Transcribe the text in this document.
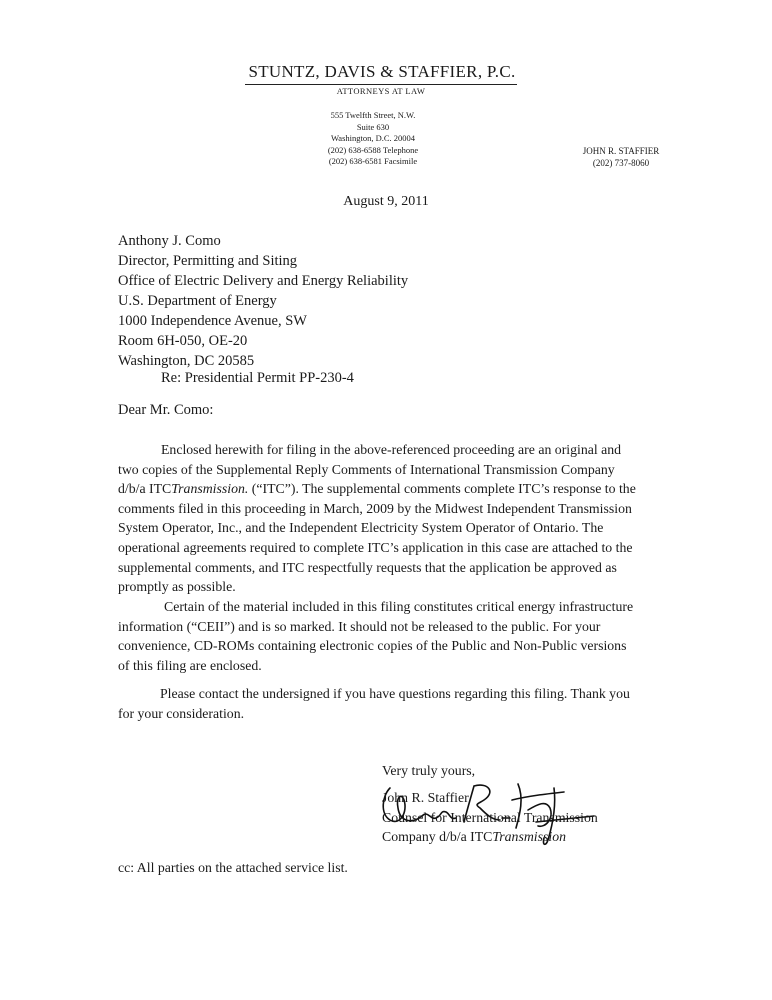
STUNTZ, DAVIS & STAFFIER, P.C.
ATTORNEYS AT LAW
555 Twelfth Street, N.W.
Suite 630
Washington, D.C. 20004
(202) 638-6588 Telephone
(202) 638-6581 Facsimile
JOHN R. STAFFIER
(202) 737-8060
August 9, 2011
Anthony J. Como
Director, Permitting and Siting
Office of Electric Delivery and Energy Reliability
U.S. Department of Energy
1000 Independence Avenue, SW
Room 6H-050, OE-20
Washington, DC 20585
Re: Presidential Permit PP-230-4
Dear Mr. Como:
Enclosed herewith for filing in the above-referenced proceeding are an original and two copies of the Supplemental Reply Comments of International Transmission Company d/b/a ITCTransmission. (“ITC”). The supplemental comments complete ITC’s response to the comments filed in this proceeding in March, 2009 by the Midwest Independent Transmission System Operator, Inc., and the Independent Electricity System Operator of Ontario. The operational agreements required to complete ITC’s application in this case are attached to the supplemental comments, and ITC respectfully requests that the application be approved as promptly as possible.
Certain of the material included in this filing constitutes critical energy infrastructure information (“CEII”) and is so marked. It should not be released to the public. For your convenience, CD-ROMs containing electronic copies of the Public and Non-Public versions of this filing are enclosed.
Please contact the undersigned if you have questions regarding this filing. Thank you for your consideration.
Very truly yours,
John R. Staffier
Counsel for International Transmission
Company d/b/a ITCTransmission
cc: All parties on the attached service list.
